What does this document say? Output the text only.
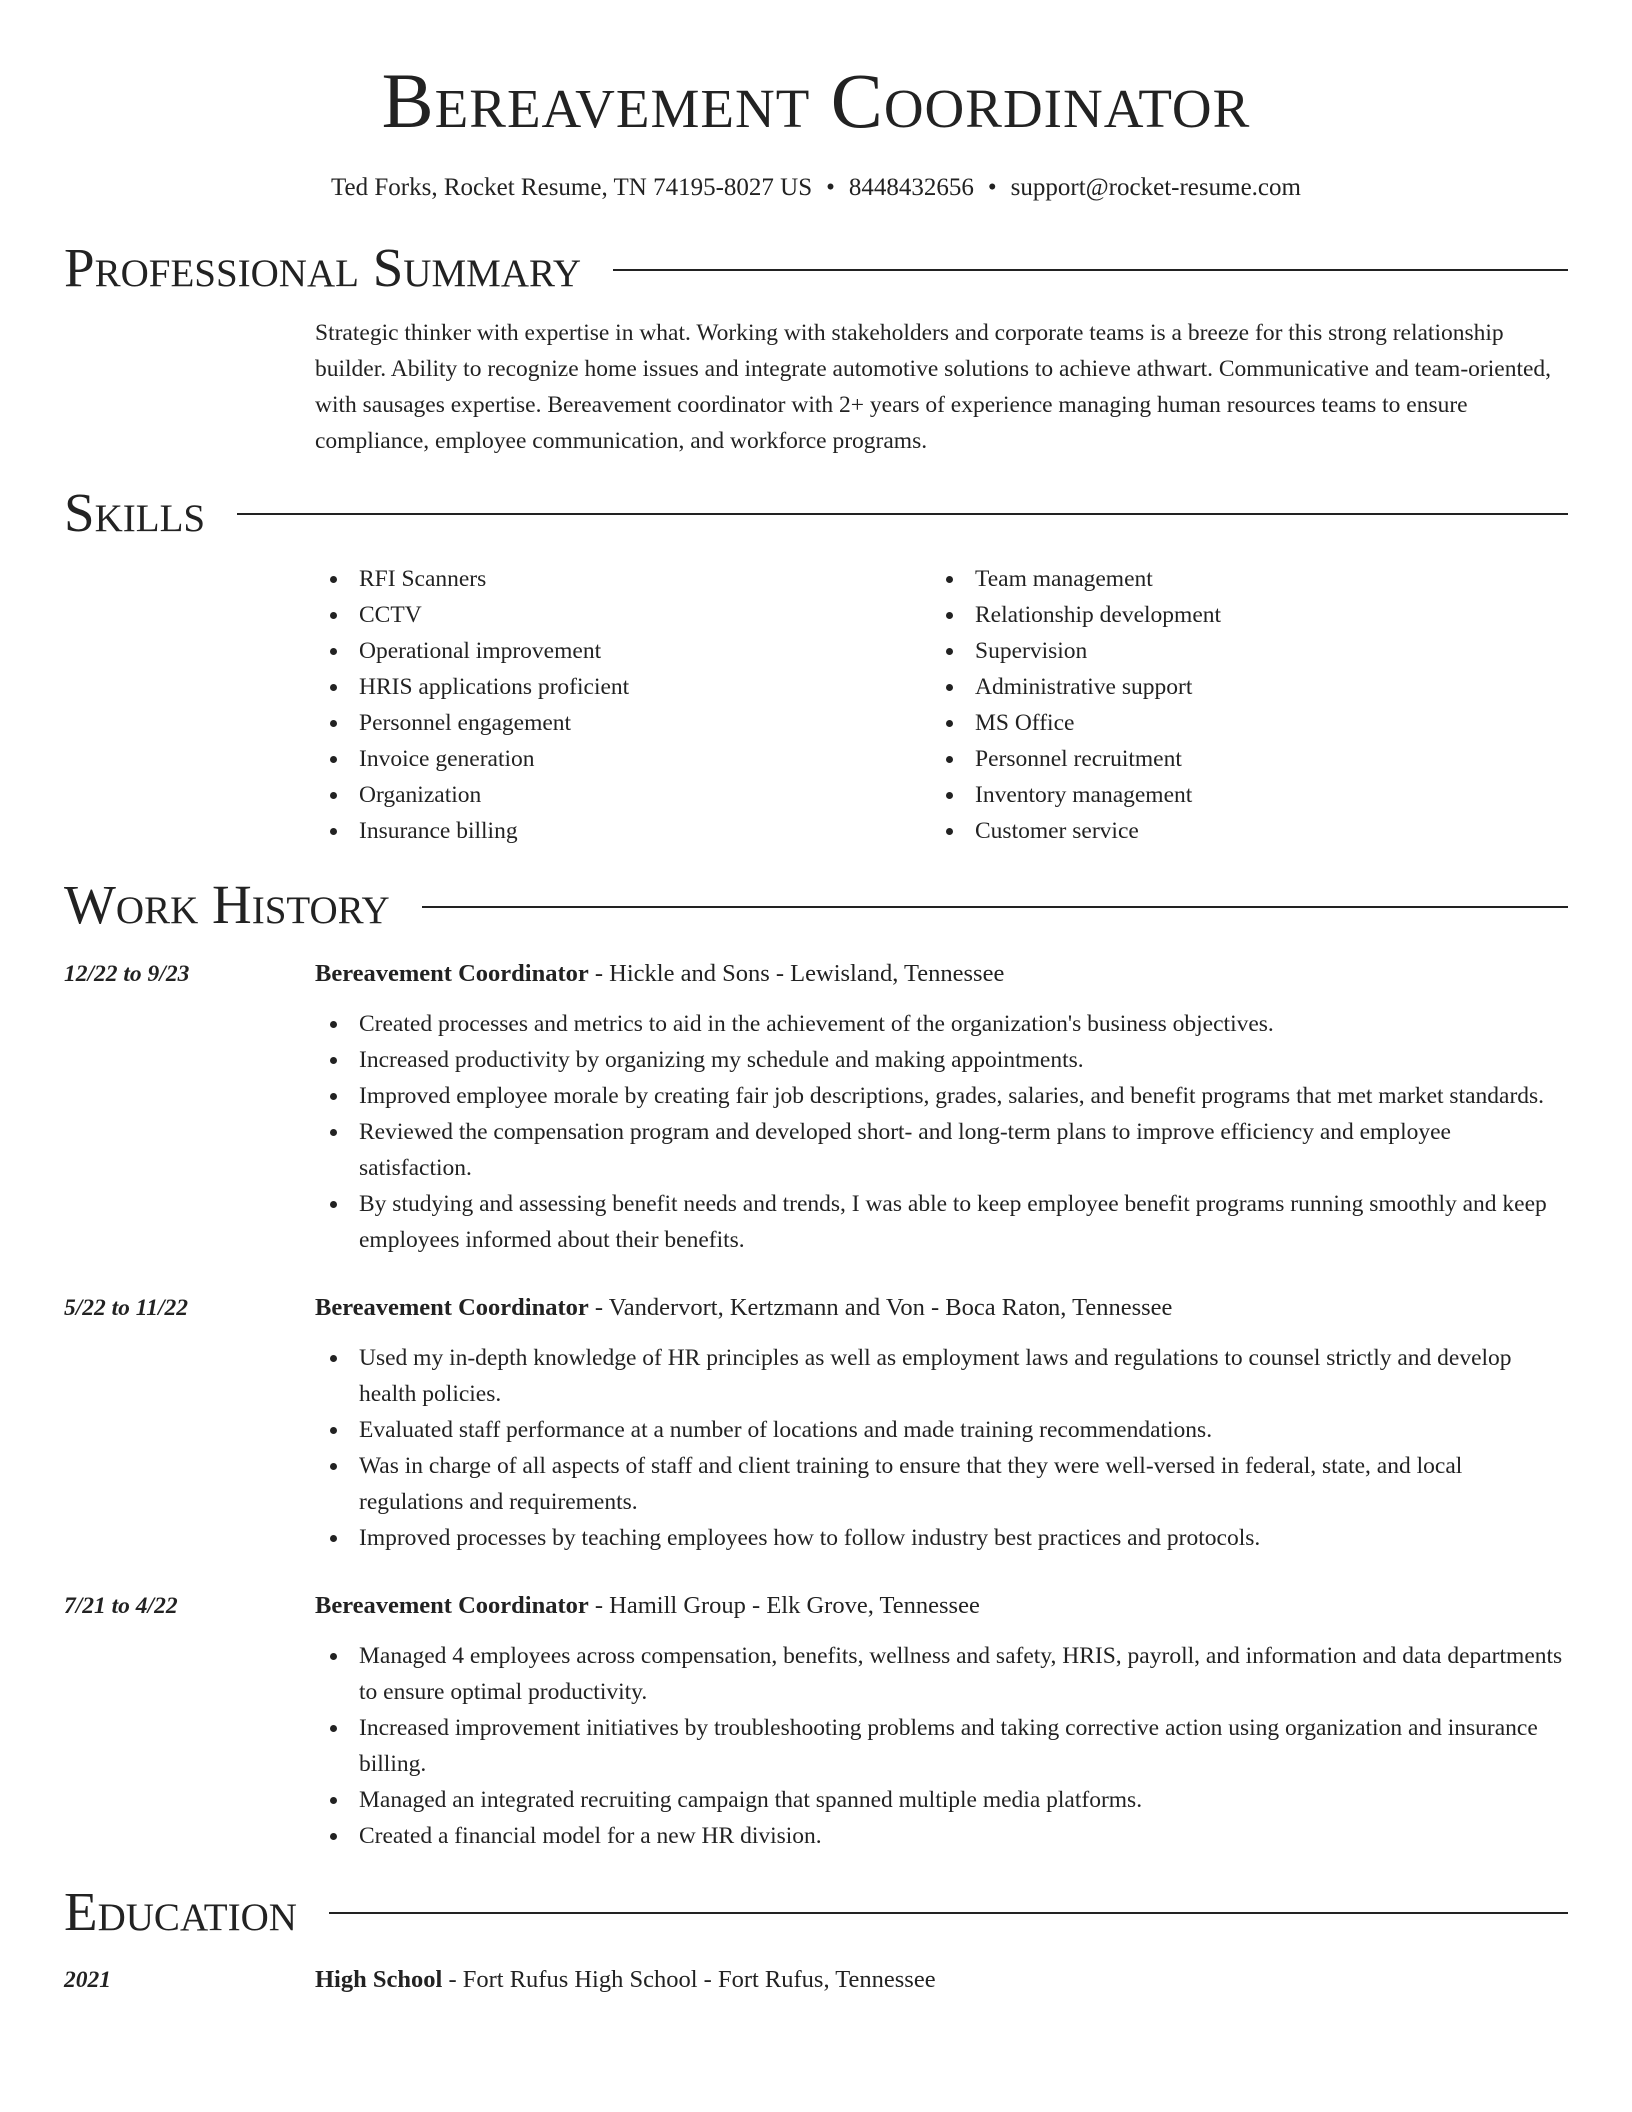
Bereavement Coordinator
Ted Forks, Rocket Resume, TN 74195-8027 US • 8448432656 • support@rocket-resume.com
Professional Summary

Strategic thinker with expertise in what. Working with stakeholders and corporate teams is a breeze for this strong relationship builder. Ability to recognize home issues and integrate automotive solutions to achieve athwart. Communicative and team-oriented, with sausages expertise. Bereavement coordinator with 2+ years of experience managing human resources teams to ensure compliance, employee communication, and workforce programs.

Skills
RFI Scanners
CCTV
Operational improvement
HRIS applications proficient
Personnel engagement
Invoice generation
Organization
Insurance billing
Team management
Relationship development
Supervision
Administrative support
MS Office
Personnel recruitment
Inventory management
Customer service
Work History
12/22 to 9/23	Bereavement Coordinator - Hickle and Sons - Lewisland, Tennessee
Created processes and metrics to aid in the achievement of the organization's business objectives.
Increased productivity by organizing my schedule and making appointments.
Improved employee morale by creating fair job descriptions, grades, salaries, and benefit programs that met market standards.
Reviewed the compensation program and developed short- and long-term plans to improve efficiency and employee satisfaction.
By studying and assessing benefit needs and trends, I was able to keep employee benefit programs running smoothly and keep employees informed about their benefits.
5/22 to 11/22	Bereavement Coordinator - Vandervort, Kertzmann and Von - Boca Raton, Tennessee
Used my in-depth knowledge of HR principles as well as employment laws and regulations to counsel strictly and develop health policies.
Evaluated staff performance at a number of locations and made training recommendations.
Was in charge of all aspects of staff and client training to ensure that they were well-versed in federal, state, and local regulations and requirements.
Improved processes by teaching employees how to follow industry best practices and protocols.
7/21 to 4/22	Bereavement Coordinator - Hamill Group - Elk Grove, Tennessee
Managed 4 employees across compensation, benefits, wellness and safety, HRIS, payroll, and information and data departments to ensure optimal productivity.
Increased improvement initiatives by troubleshooting problems and taking corrective action using organization and insurance billing.
Managed an integrated recruiting campaign that spanned multiple media platforms.
Created a financial model for a new HR division.
Education
2021	High School - Fort Rufus High School - Fort Rufus, Tennessee
